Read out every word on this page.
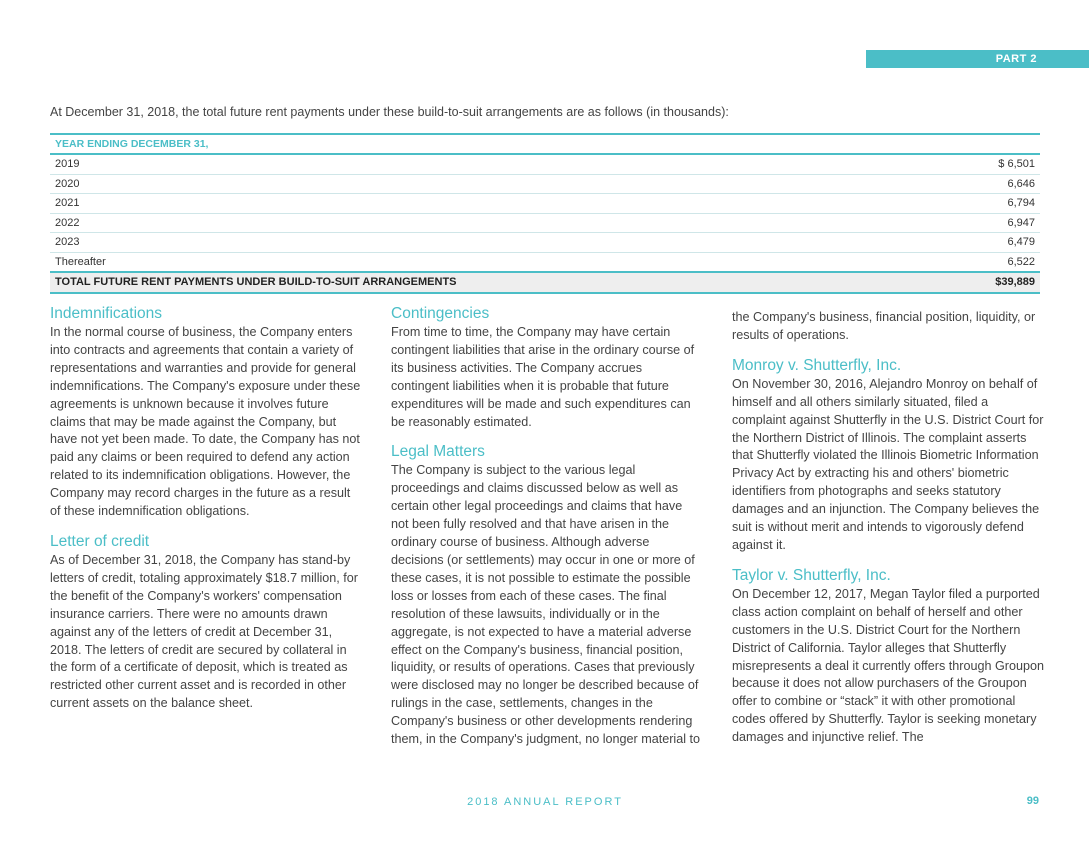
PART 2
At December 31, 2018, the total future rent payments under these build-to-suit arrangements are as follows (in thousands):
YEAR ENDING DECEMBER 31,	
2019	$ 6,501
2020	6,646
2021	6,794
2022	6,947
2023	6,479
Thereafter	6,522
TOTAL FUTURE RENT PAYMENTS UNDER BUILD-TO-SUIT ARRANGEMENTS	$39,889
Indemnifications

In the normal course of business, the Company enters into contracts and agreements that contain a variety of representations and warranties and provide for general indemnifications. The Company's exposure under these agreements is unknown because it involves future claims that may be made against the Company, but have not yet been made. To date, the Company has not paid any claims or been required to defend any action related to its indemnification obligations. However, the Company may record charges in the future as a result of these indemnification obligations.

Letter of credit

As of December 31, 2018, the Company has stand-by letters of credit, totaling approximately $18.7 million, for the benefit of the Company's workers' compensation insurance carriers. There were no amounts drawn against any of the letters of credit at December 31, 2018. The letters of credit are secured by collateral in the form of a certificate of deposit, which is treated as restricted other current asset and is recorded in other current assets on the balance sheet.

Contingencies

From time to time, the Company may have certain contingent liabilities that arise in the ordinary course of its business activities. The Company accrues contingent liabilities when it is probable that future expenditures will be made and such expenditures can be reasonably estimated.

Legal Matters

The Company is subject to the various legal proceedings and claims discussed below as well as certain other legal proceedings and claims that have not been fully resolved and that have arisen in the ordinary course of business. Although adverse decisions (or settlements) may occur in one or more of these cases, it is not possible to estimate the possible loss or losses from each of these cases. The final resolution of these lawsuits, individually or in the aggregate, is not expected to have a material adverse effect on the Company's business, financial position, liquidity, or results of operations. Cases that previously were disclosed may no longer be described because of rulings in the case, settlements, changes in the Company's business or other developments rendering them, in the Company's judgment, no longer material to

the Company's business, financial position, liquidity, or results of operations.

Monroy v. Shutterfly, Inc.

On November 30, 2016, Alejandro Monroy on behalf of himself and all others similarly situated, filed a complaint against Shutterfly in the U.S. District Court for the Northern District of Illinois. The complaint asserts that Shutterfly violated the Illinois Biometric Information Privacy Act by extracting his and others' biometric identifiers from photographs and seeks statutory damages and an injunction. The Company believes the suit is without merit and intends to vigorously defend against it.

Taylor v. Shutterfly, Inc.

On December 12, 2017, Megan Taylor filed a purported class action complaint on behalf of herself and other customers in the U.S. District Court for the Northern District of California. Taylor alleges that Shutterfly misrepresents a deal it currently offers through Groupon because it does not allow purchasers of the Groupon offer to combine or “stack” it with other promotional codes offered by Shutterfly. Taylor is seeking monetary damages and injunctive relief. The

2018 ANNUAL REPORT	99
